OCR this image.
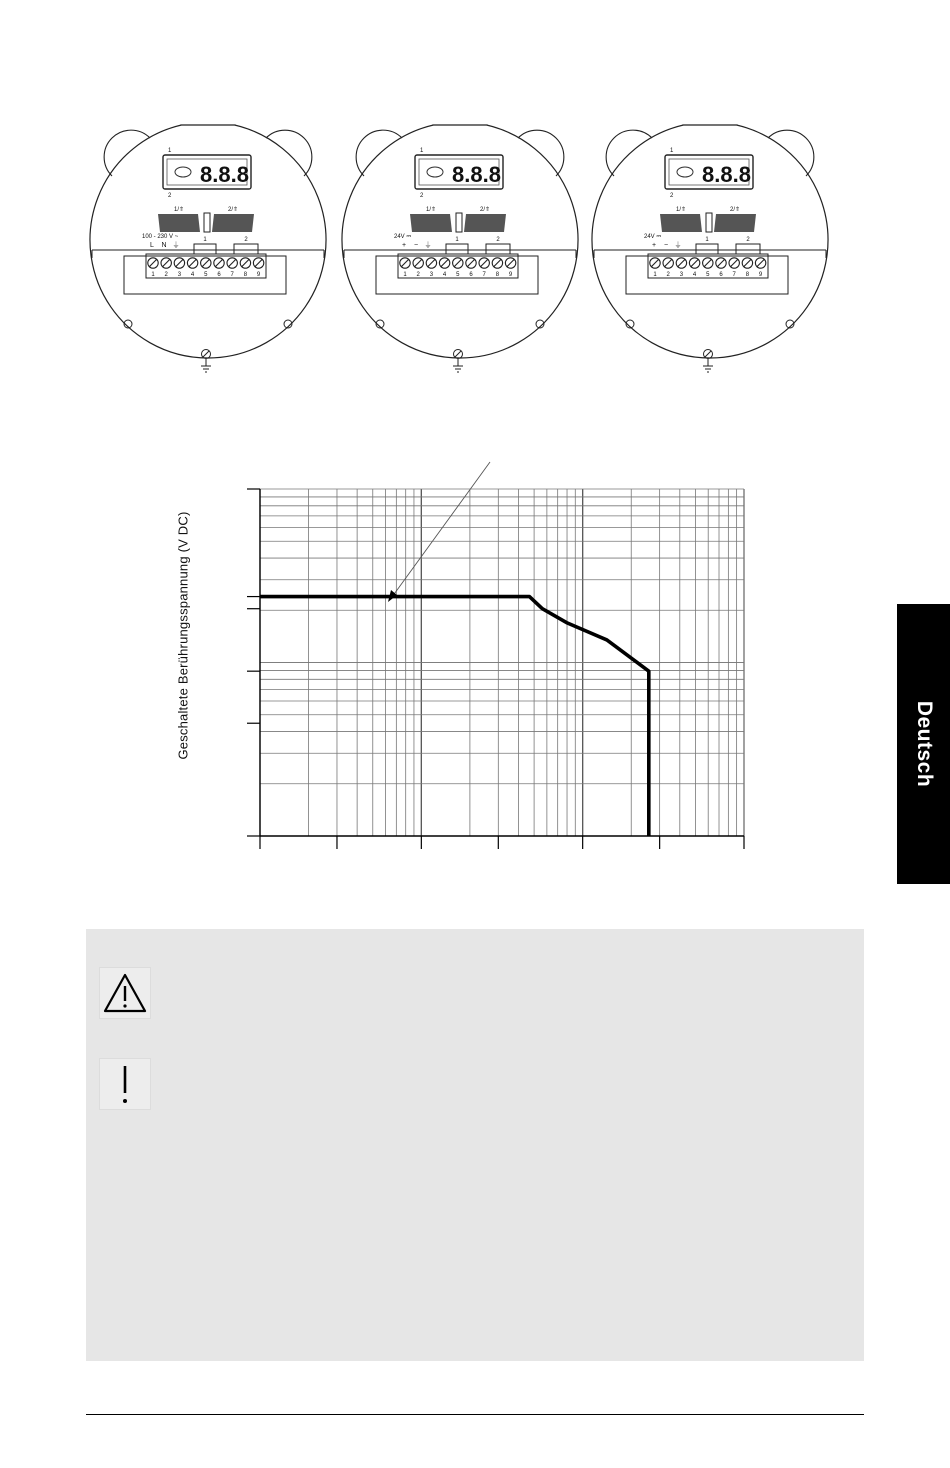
8.8.8
1
2
1/⇑	2/⇑
100 - 230 V ~
L N ⏚
1	2
1 2 3 4 5 6 7 8 9
8.8.8
1
2
1/⇑	2/⇑
24V ⎓
+ − ⏚
1	2
1 2 3 4 5 6 7 8 9
8.8.8
1
2
1/⇑	2/⇑
24V ⎓
+ − ⏚
1	2
1 2 3 4 5 6 7 8 9
Geschaltete Berührungsspannung (V DC)	Deutsch
